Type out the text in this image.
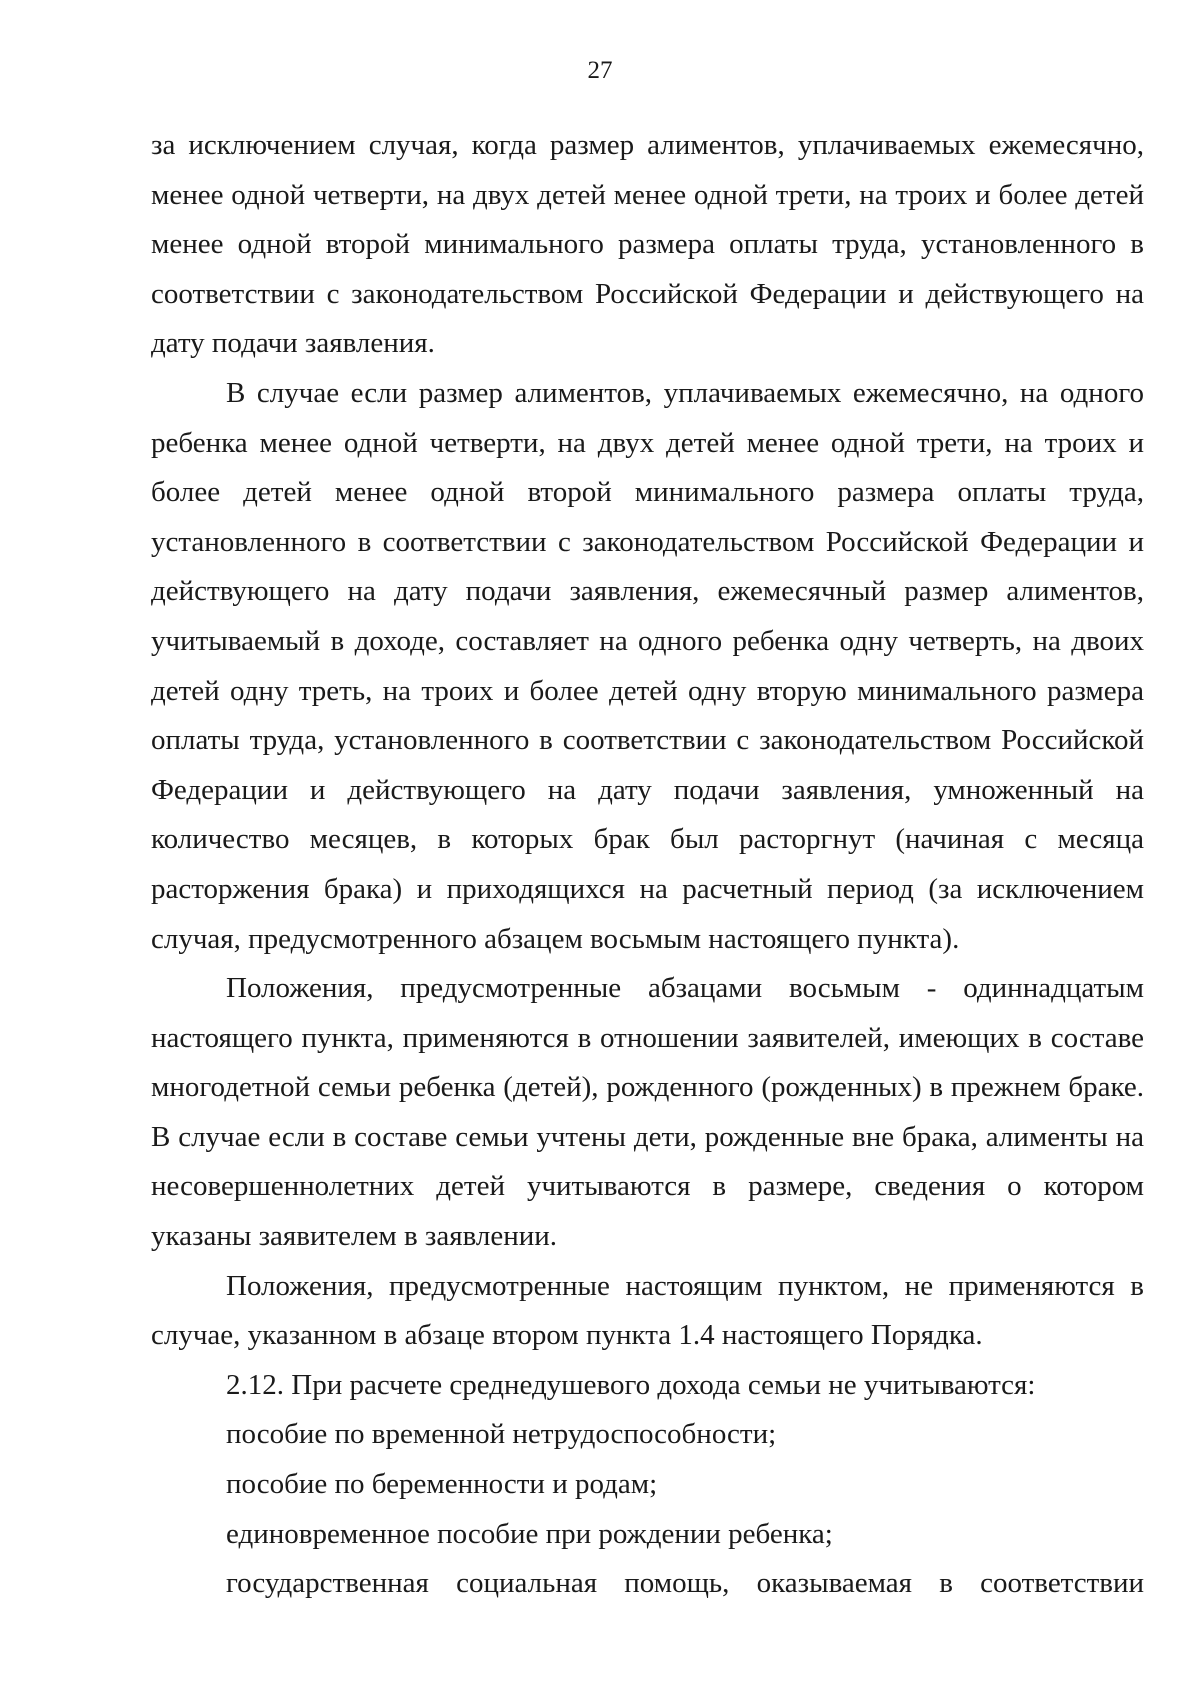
27

за исключением случая, когда размер алиментов, уплачиваемых ежемесячно, менее одной четверти, на двух детей менее одной трети, на троих и более детей менее одной второй минимального размера оплаты труда, установленного в соответствии с законодательством Российской Федерации и действующего на дату подачи заявления.

В случае если размер алиментов, уплачиваемых ежемесячно, на одного ребенка менее одной четверти, на двух детей менее одной трети, на троих и более детей менее одной второй минимального размера оплаты труда, установленного в соответствии с законодательством Российской Федерации и действующего на дату подачи заявления, ежемесячный размер алиментов, учитываемый в доходе, составляет на одного ребенка одну четверть, на двоих детей одну треть, на троих и более детей одну вторую минимального размера оплаты труда, установленного в соответствии с законодательством Российской Федерации и действующего на дату подачи заявления, умноженный на количество месяцев, в которых брак был расторгнут (начиная с месяца расторжения брака) и приходящихся на расчетный период (за исключением случая, предусмотренного абзацем восьмым настоящего пункта).

Положения, предусмотренные абзацами восьмым - одиннадцатым настоящего пункта, применяются в отношении заявителей, имеющих в составе многодетной семьи ребенка (детей), рожденного (рожденных) в прежнем браке. В случае если в составе семьи учтены дети, рожденные вне брака, алименты на несовершеннолетних детей учитываются в размере, сведения о котором указаны заявителем в заявлении.

Положения, предусмотренные настоящим пунктом, не применяются в случае, указанном в абзаце втором пункта 1.4 настоящего Порядка.

2.12. При расчете среднедушевого дохода семьи не учитываются:

пособие по временной нетрудоспособности;

пособие по беременности и родам;

единовременное пособие при рождении ребенка;

государственная социальная помощь, оказываемая в соответствии
